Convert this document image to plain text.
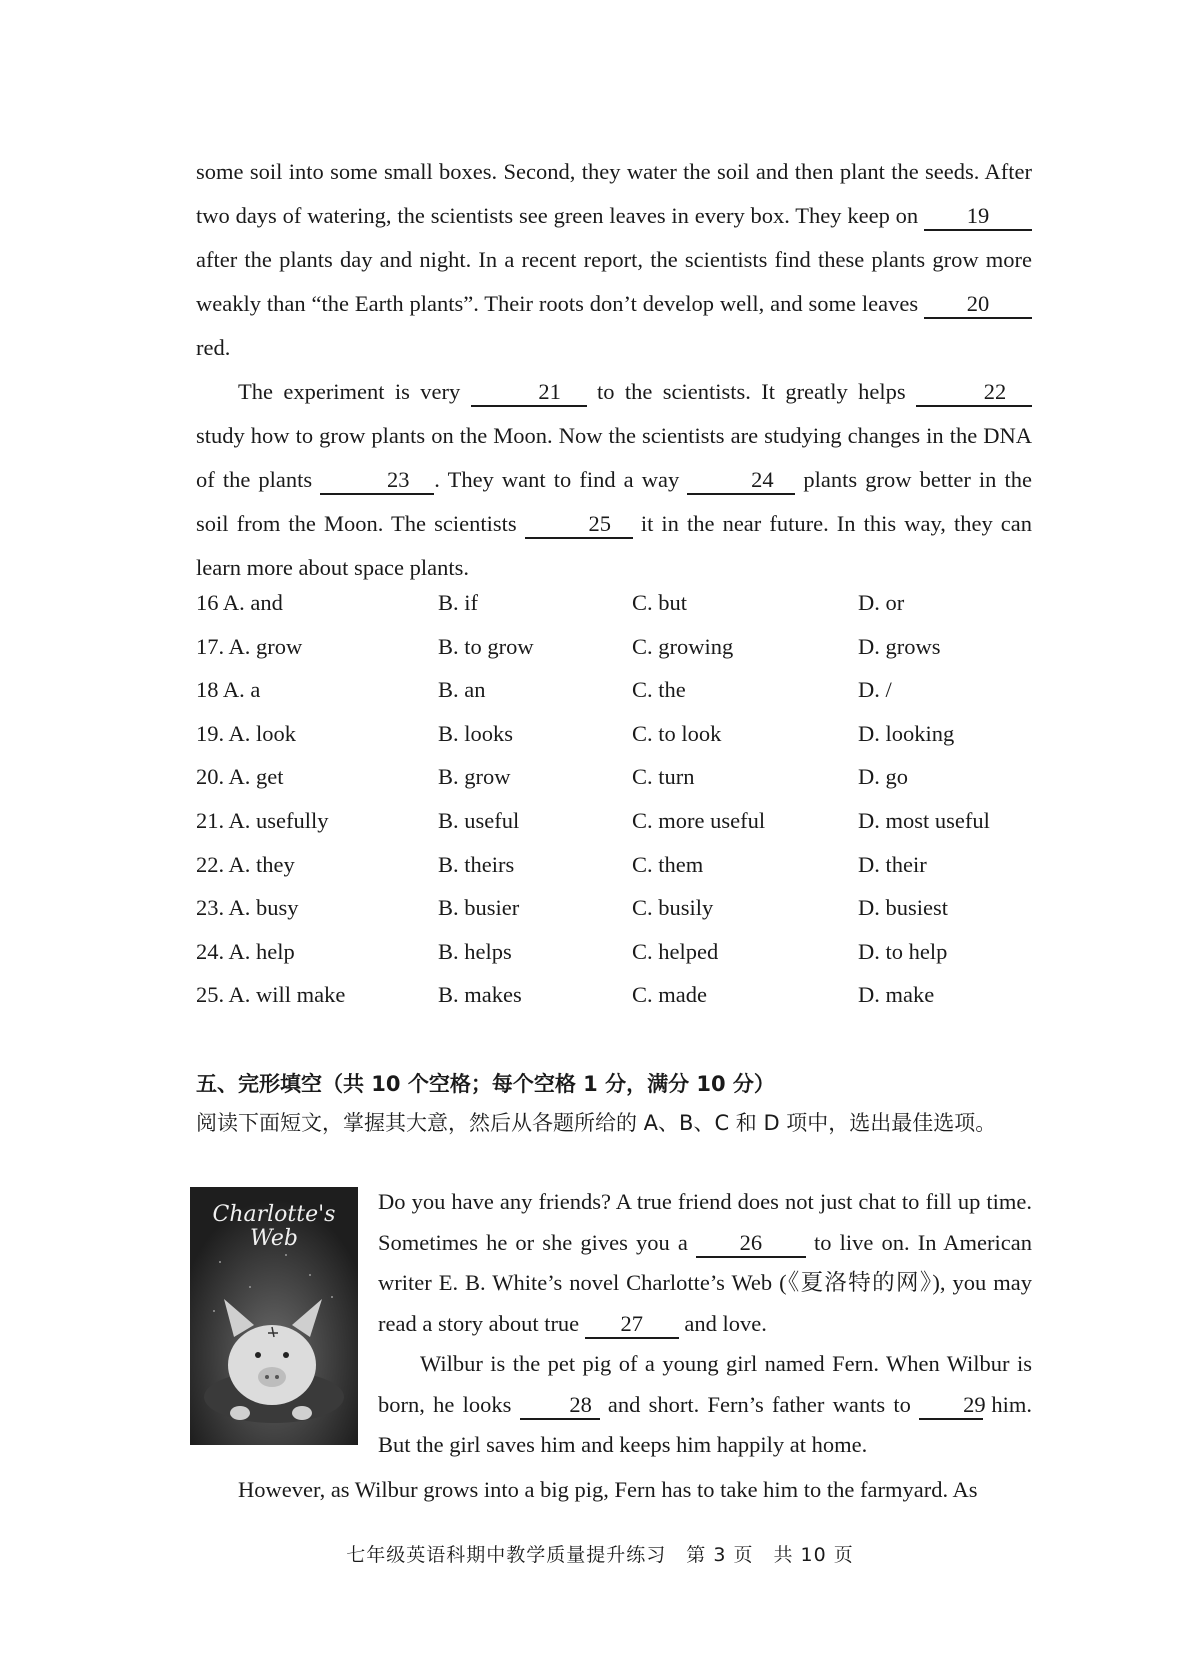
some soil into some small boxes. Second, they water the soil and then plant the seeds. After two days of watering, the scientists see green leaves in every box. They keep on 19 after the plants day and night. In a recent report, the scientists find these plants grow more weakly than “the Earth plants”. Their roots don’t develop well, and some leaves 20 red.

The experiment is very	21 to the scientists. It greatly helps	22 study how to grow plants on the Moon. Now the scientists are studying changes in the DNA of the plants	23 . They want to find a way	24 plants grow better in the soil from the Moon. The scientists	25 it in the near future. In this way, they can learn more about space plants.

16 A. and	B. if	C. but	D. or
17. A. grow	B. to grow	C. growing	D. grows
18 A. a	B. an	C. the	D. /
19. A. look	B. looks	C. to look	D. looking
20. A. get	B. grow	C. turn	D. go
21. A. usefully	B. useful	C. more useful	D. most useful
22. A. they	B. theirs	C. them	D. their
23. A. busy	B. busier	C. busily	D. busiest
24. A. help	B. helps	C. helped	D. to help
25. A. will make	B. makes	C. made	D. make
五、完形填空（共 10 个空格；每个空格 1 分，满分 10 分）
阅读下面短文，掌握其大意，然后从各题所给的 A、B、C 和 D 项中，选出最佳选项。
Charlotte's Web

Do you have any friends? A true friend does not just chat to fill up time. Sometimes he or she gives you a 26 to live on. In American writer E. B. White’s novel Charlotte’s Web (《夏洛特的网》), you may read a story about true 27 and love.

Wilbur is the pet pig of a young girl named Fern. When Wilbur is born, he looks	28 and short. Fern’s father wants to 29 him. But the girl saves him and keeps him happily at home.

However, as Wilbur grows into a big pig, Fern has to take him to the farmyard. As
七年级英语科期中教学质量提升练习　第 3 页　共 10 页
